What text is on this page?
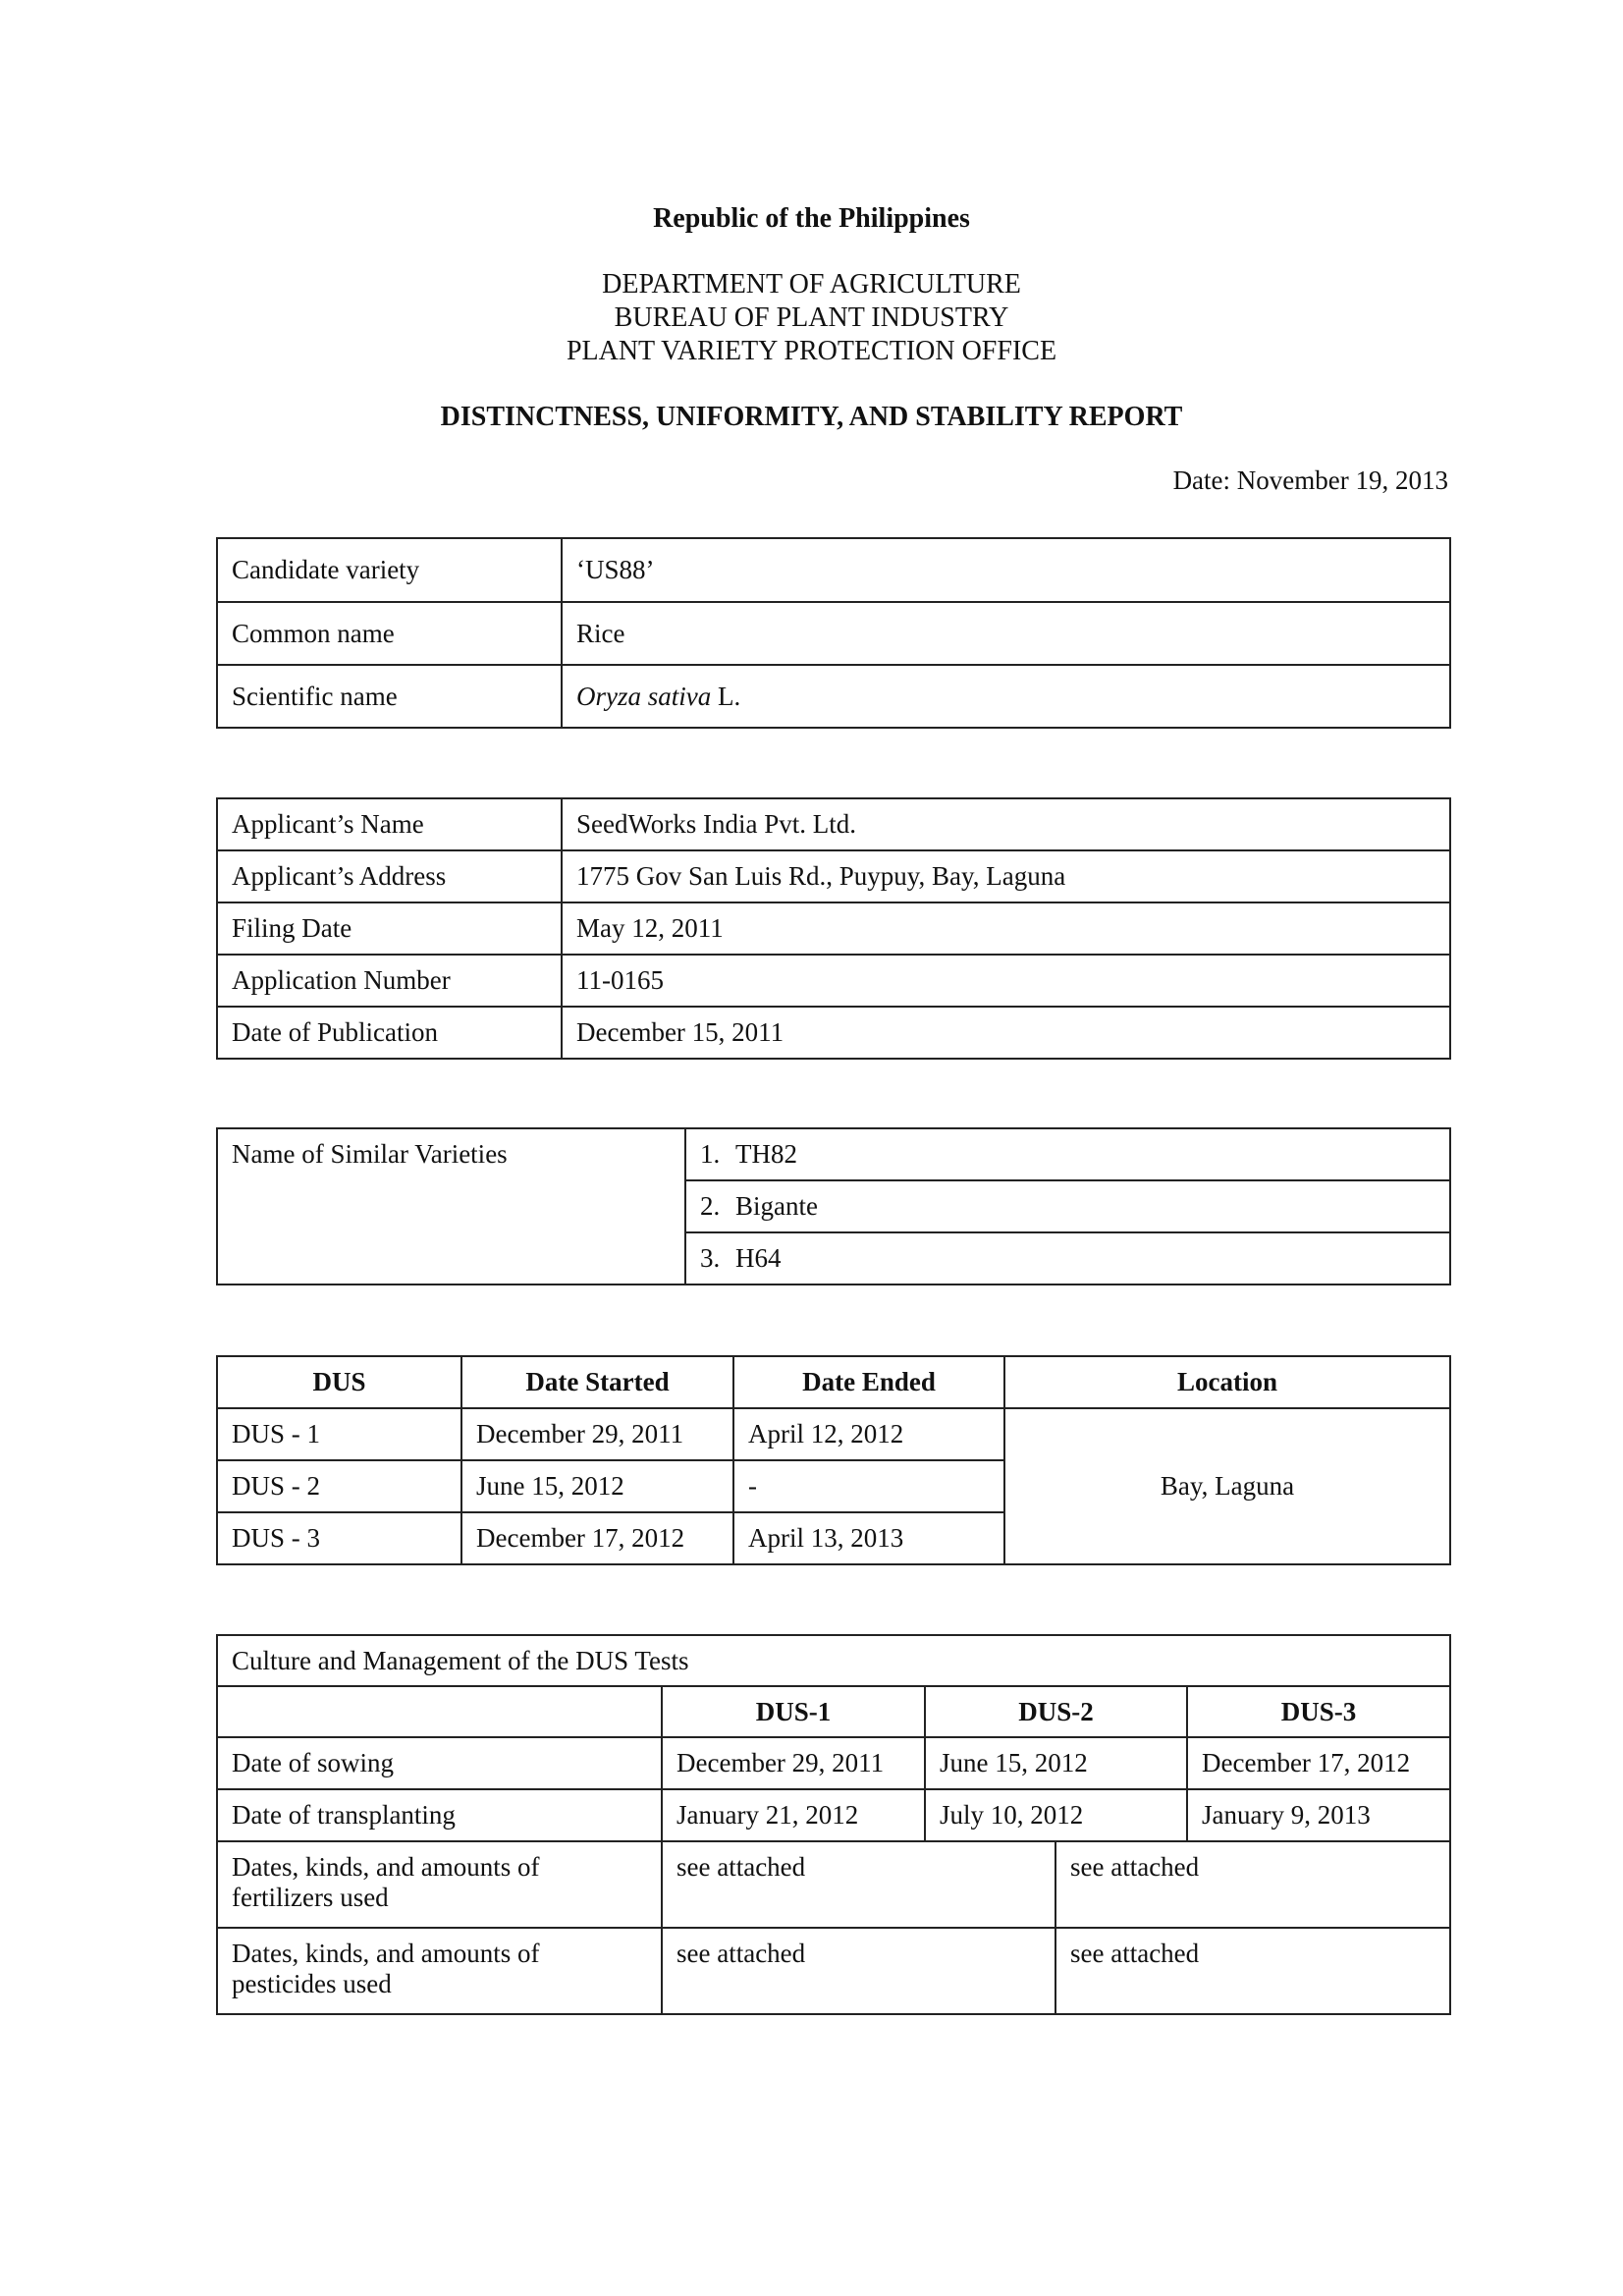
Republic of the Philippines
DEPARTMENT OF AGRICULTURE
BUREAU OF PLANT INDUSTRY
PLANT VARIETY PROTECTION OFFICE
DISTINCTNESS, UNIFORMITY, AND STABILITY REPORT
Date: November 19, 2013
Candidate variety	‘US88’
Common name	Rice
Scientific name	Oryza sativa L.
Applicant’s Name	SeedWorks India Pvt. Ltd.
Applicant’s Address	1775 Gov San Luis Rd., Puypuy, Bay, Laguna
Filing Date	May 12, 2011
Application Number	11-0165
Date of Publication	December 15, 2011
Name of Similar Varieties	1. TH82
2. Bigante
3. H64
DUS	Date Started	Date Ended	Location
DUS - 1	December 29, 2011	April 12, 2012	Bay, Laguna
DUS - 2	June 15, 2012	-	
DUS - 3	December 17, 2012	April 13, 2013	
Culture and Management of the DUS Tests				
	DUS-1	DUS-2		DUS-3
Date of sowing	December 29, 2011	June 15, 2012		December 17, 2012
Date of transplanting	January 21, 2012	July 10, 2012		January 9, 2013
Dates, kinds, and amounts of fertilizers used	see attached		see attached	
Dates, kinds, and amounts of pesticides used	see attached		see attached	
